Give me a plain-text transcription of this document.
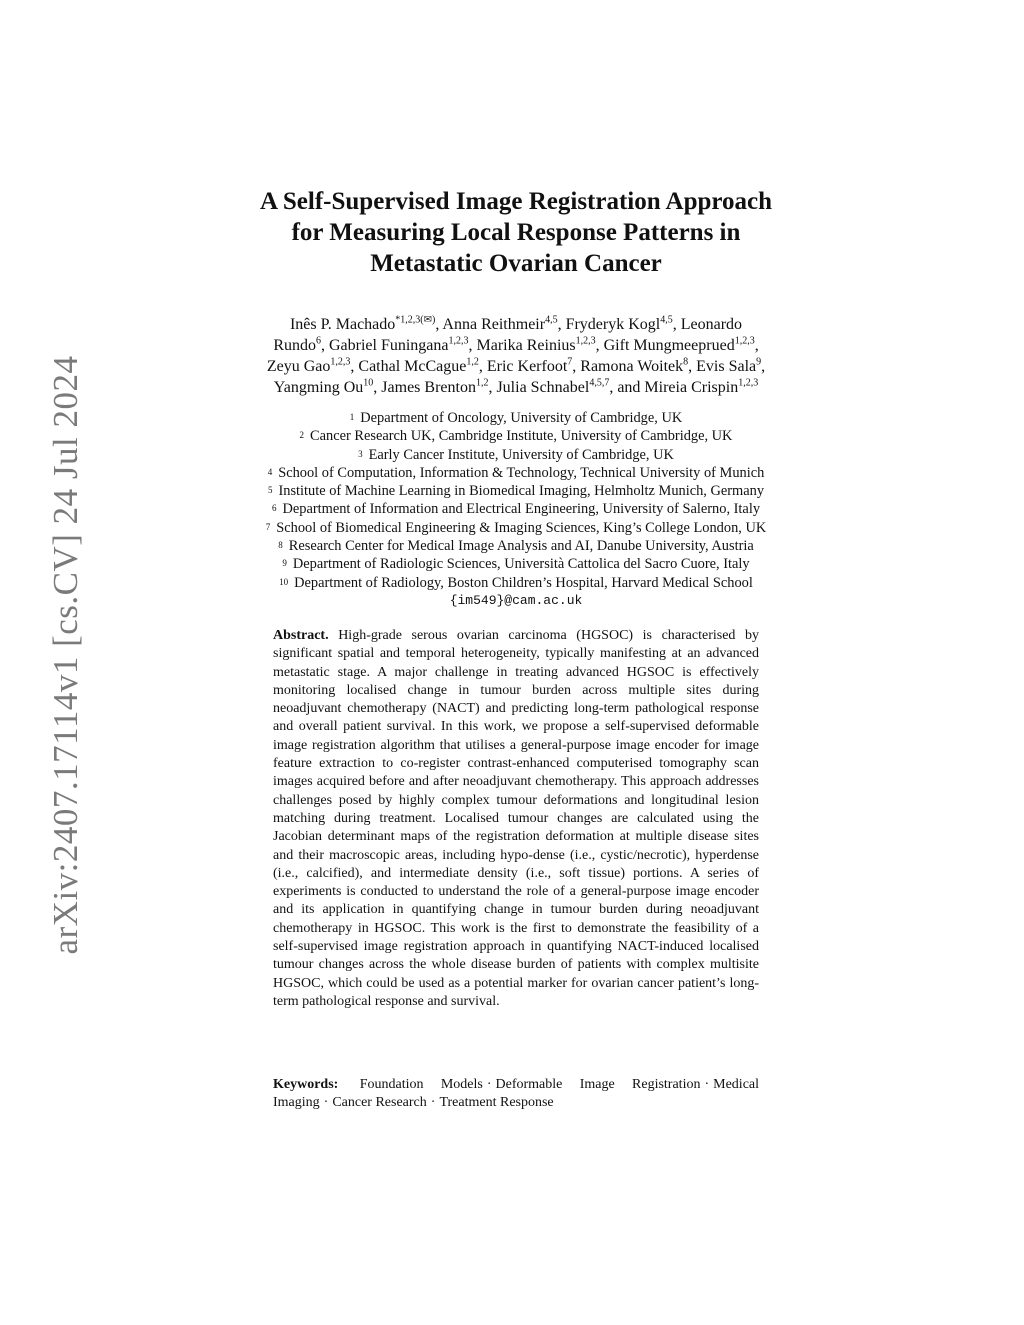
arXiv:2407.17114v1 [cs.CV] 24 Jul 2024
A Self-Supervised Image Registration Approach
for Measuring Local Response Patterns in
Metastatic Ovarian Cancer
Inês P. Machado$^{*1,2,3(✉)}$, Anna Reithmeir$^{4,5}$, Fryderyk Kogl$^{4,5}$, Leonardo
Rundo$^6$, Gabriel Funingana$^{1,2,3}$, Marika Reinius$^{1,2,3}$, Gift Mungmeeprued$^{1,2,3}$,
Zeyu Gao$^{1,2,3}$, Cathal McCague$^{1,2}$, Eric Kerfoot$^7$, Ramona Woitek$^8$, Evis Sala$^9$,
Yangming Ou$^{10}$, James Brenton$^{1,2}$, Julia Schnabel$^{4,5,7}$, and Mireia Crispin$^{1,2,3}$
$^1$ Department of Oncology, University of Cambridge, UK
$^2$ Cancer Research UK, Cambridge Institute, University of Cambridge, UK
$^3$ Early Cancer Institute, University of Cambridge, UK
$^4$ School of Computation, Information & Technology, Technical University of Munich
$^5$ Institute of Machine Learning in Biomedical Imaging, Helmholtz Munich, Germany
$^6$ Department of Information and Electrical Engineering, University of Salerno, Italy
$^7$ School of Biomedical Engineering & Imaging Sciences, King’s College London, UK
$^8$ Research Center for Medical Image Analysis and AI, Danube University, Austria
$^9$ Department of Radiologic Sciences, Università Cattolica del Sacro Cuore, Italy
$^{10}$ Department of Radiology, Boston Children’s Hospital, Harvard Medical School
{im549}@cam.ac.uk
Abstract. High-grade serous ovarian carcinoma (HGSOC) is characterised by significant spatial and temporal heterogeneity, typically manifesting at an advanced metastatic stage. A major challenge in treating advanced HGSOC is effectively monitoring localised change in tumour burden across multiple sites during neoadjuvant chemotherapy (NACT) and predicting long-term pathological response and overall patient survival. In this work, we propose a self-supervised deformable image registration algorithm that utilises a general-purpose image encoder for image feature extraction to co-register contrast-enhanced computerised tomography scan images acquired before and after neoadjuvant chemotherapy. This approach addresses challenges posed by highly complex tumour deformations and longitudinal lesion matching during treatment. Localised tumour changes are calculated using the Jacobian determinant maps of the registration deformation at multiple disease sites and their macroscopic areas, including hypo-dense (i.e., cystic/necrotic), hyperdense (i.e., calcified), and intermediate density (i.e., soft tissue) portions. A series of experiments is conducted to understand the role of a general-purpose image encoder and its application in quantifying change in tumour burden during neoadjuvant chemotherapy in HGSOC. This work is the first to demonstrate the feasibility of a self-supervised image registration approach in quantifying NACT-induced localised tumour changes across the whole disease burden of patients with complex multisite HGSOC, which could be used as a potential marker for ovarian cancer patient’s long-term pathological response and survival.
Keywords: Foundation Models · Deformable Image Registration · Medical Imaging · Cancer Research · Treatment Response
